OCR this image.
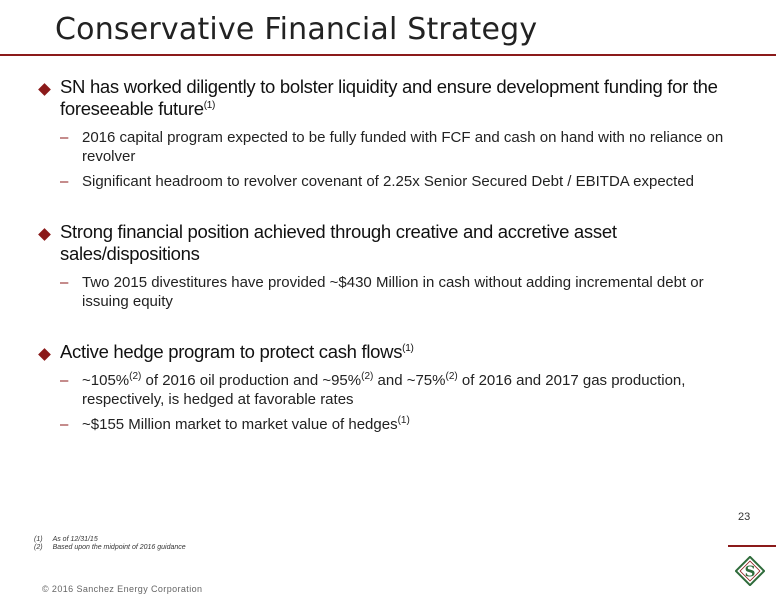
Conservative Financial Strategy
SN has worked diligently to bolster liquidity and ensure development funding for the foreseeable future$^{(1)}$
– 2016 capital program expected to be fully funded with FCF and cash on hand with no reliance on revolver
– Significant headroom to revolver covenant of 2.25x Senior Secured Debt / EBITDA expected
Strong financial position achieved through creative and accretive asset sales/dispositions
– Two 2015 divestitures have provided ~$430 Million in cash without adding incremental debt or issuing equity
Active hedge program to protect cash flows$^{(1)}$
– ~105%$^{(2)}$ of 2016 oil production and ~95%$^{(2)}$ and ~75%$^{(2)}$ of 2016 and 2017 gas production, respectively, is hedged at favorable rates
– ~$155 Million market to market value of hedges$^{(1)}$
23
(1) As of 12/31/15
(2) Based upon the midpoint of 2016 guidance
© 2016 Sanchez Energy Corporation
S
